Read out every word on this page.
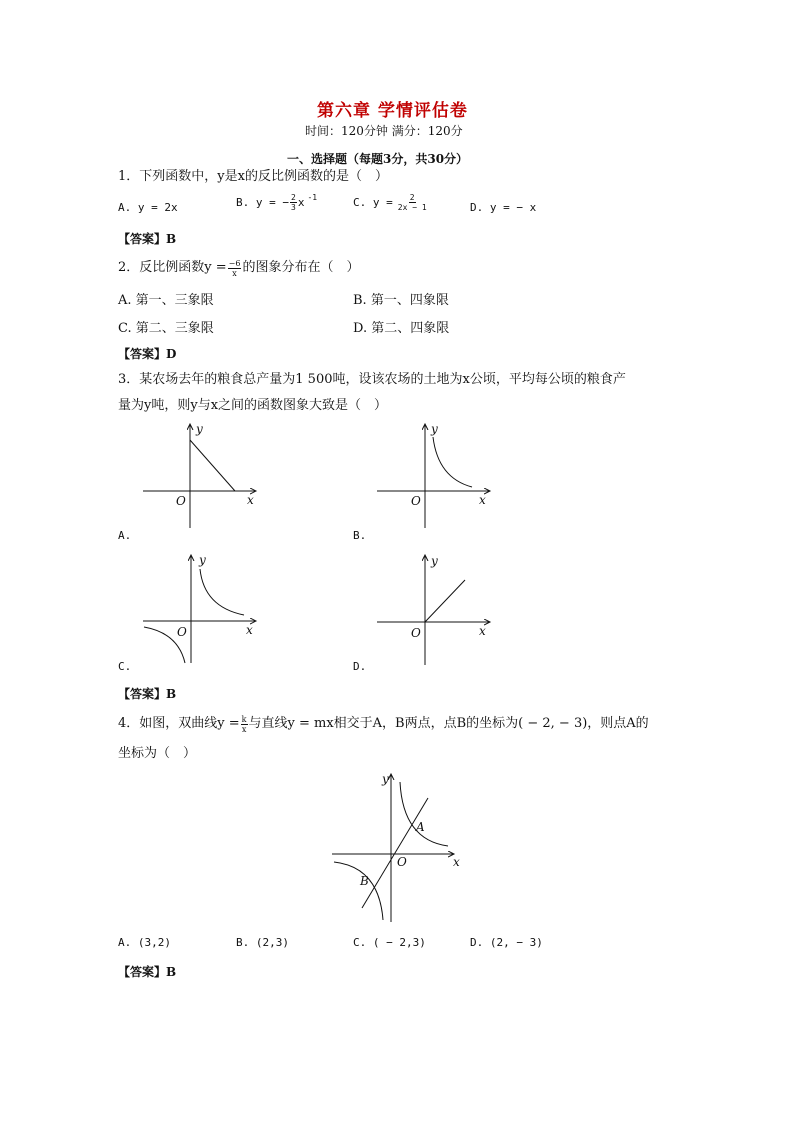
第六章 学情评估卷
时间：120分钟 满分：120分
一、选择题（每题3分，共30分）
1．下列函数中，y是x的反比例函数的是（　）
A. y = 2x	B. y = − $\frac{2}{3}$ x $^{-1}$	C. $y = \frac{2}{2x - 1}$	D. y = − x
【答案】B
2．反比例函数$y = \frac{-6}{x}$ 的图象分布在（　）
A. 第一、三象限	B. 第一、四象限
C. 第二、三象限	D. 第二、四象限
【答案】D
3．某农场去年的粮食总产量为1 500吨，设该农场的土地为x公顷，平均每公顷的粮食产
量为y吨，则y与x之间的函数图象大致是（　）
y
x
O
A.
y
x
O
B.
y
x
O
C.
y
x
O
D.
【答案】B
4．如图，双曲线$y = \frac{k}{x}$ 与直线y = mx相交于A，B两点，点B的坐标为( − 2, − 3)，则点A的
坐标为（　）
y
x
O
A
B
A. (3,2)	B. (2,3)	C. ( − 2,3)	D. (2, − 3)
【答案】B
